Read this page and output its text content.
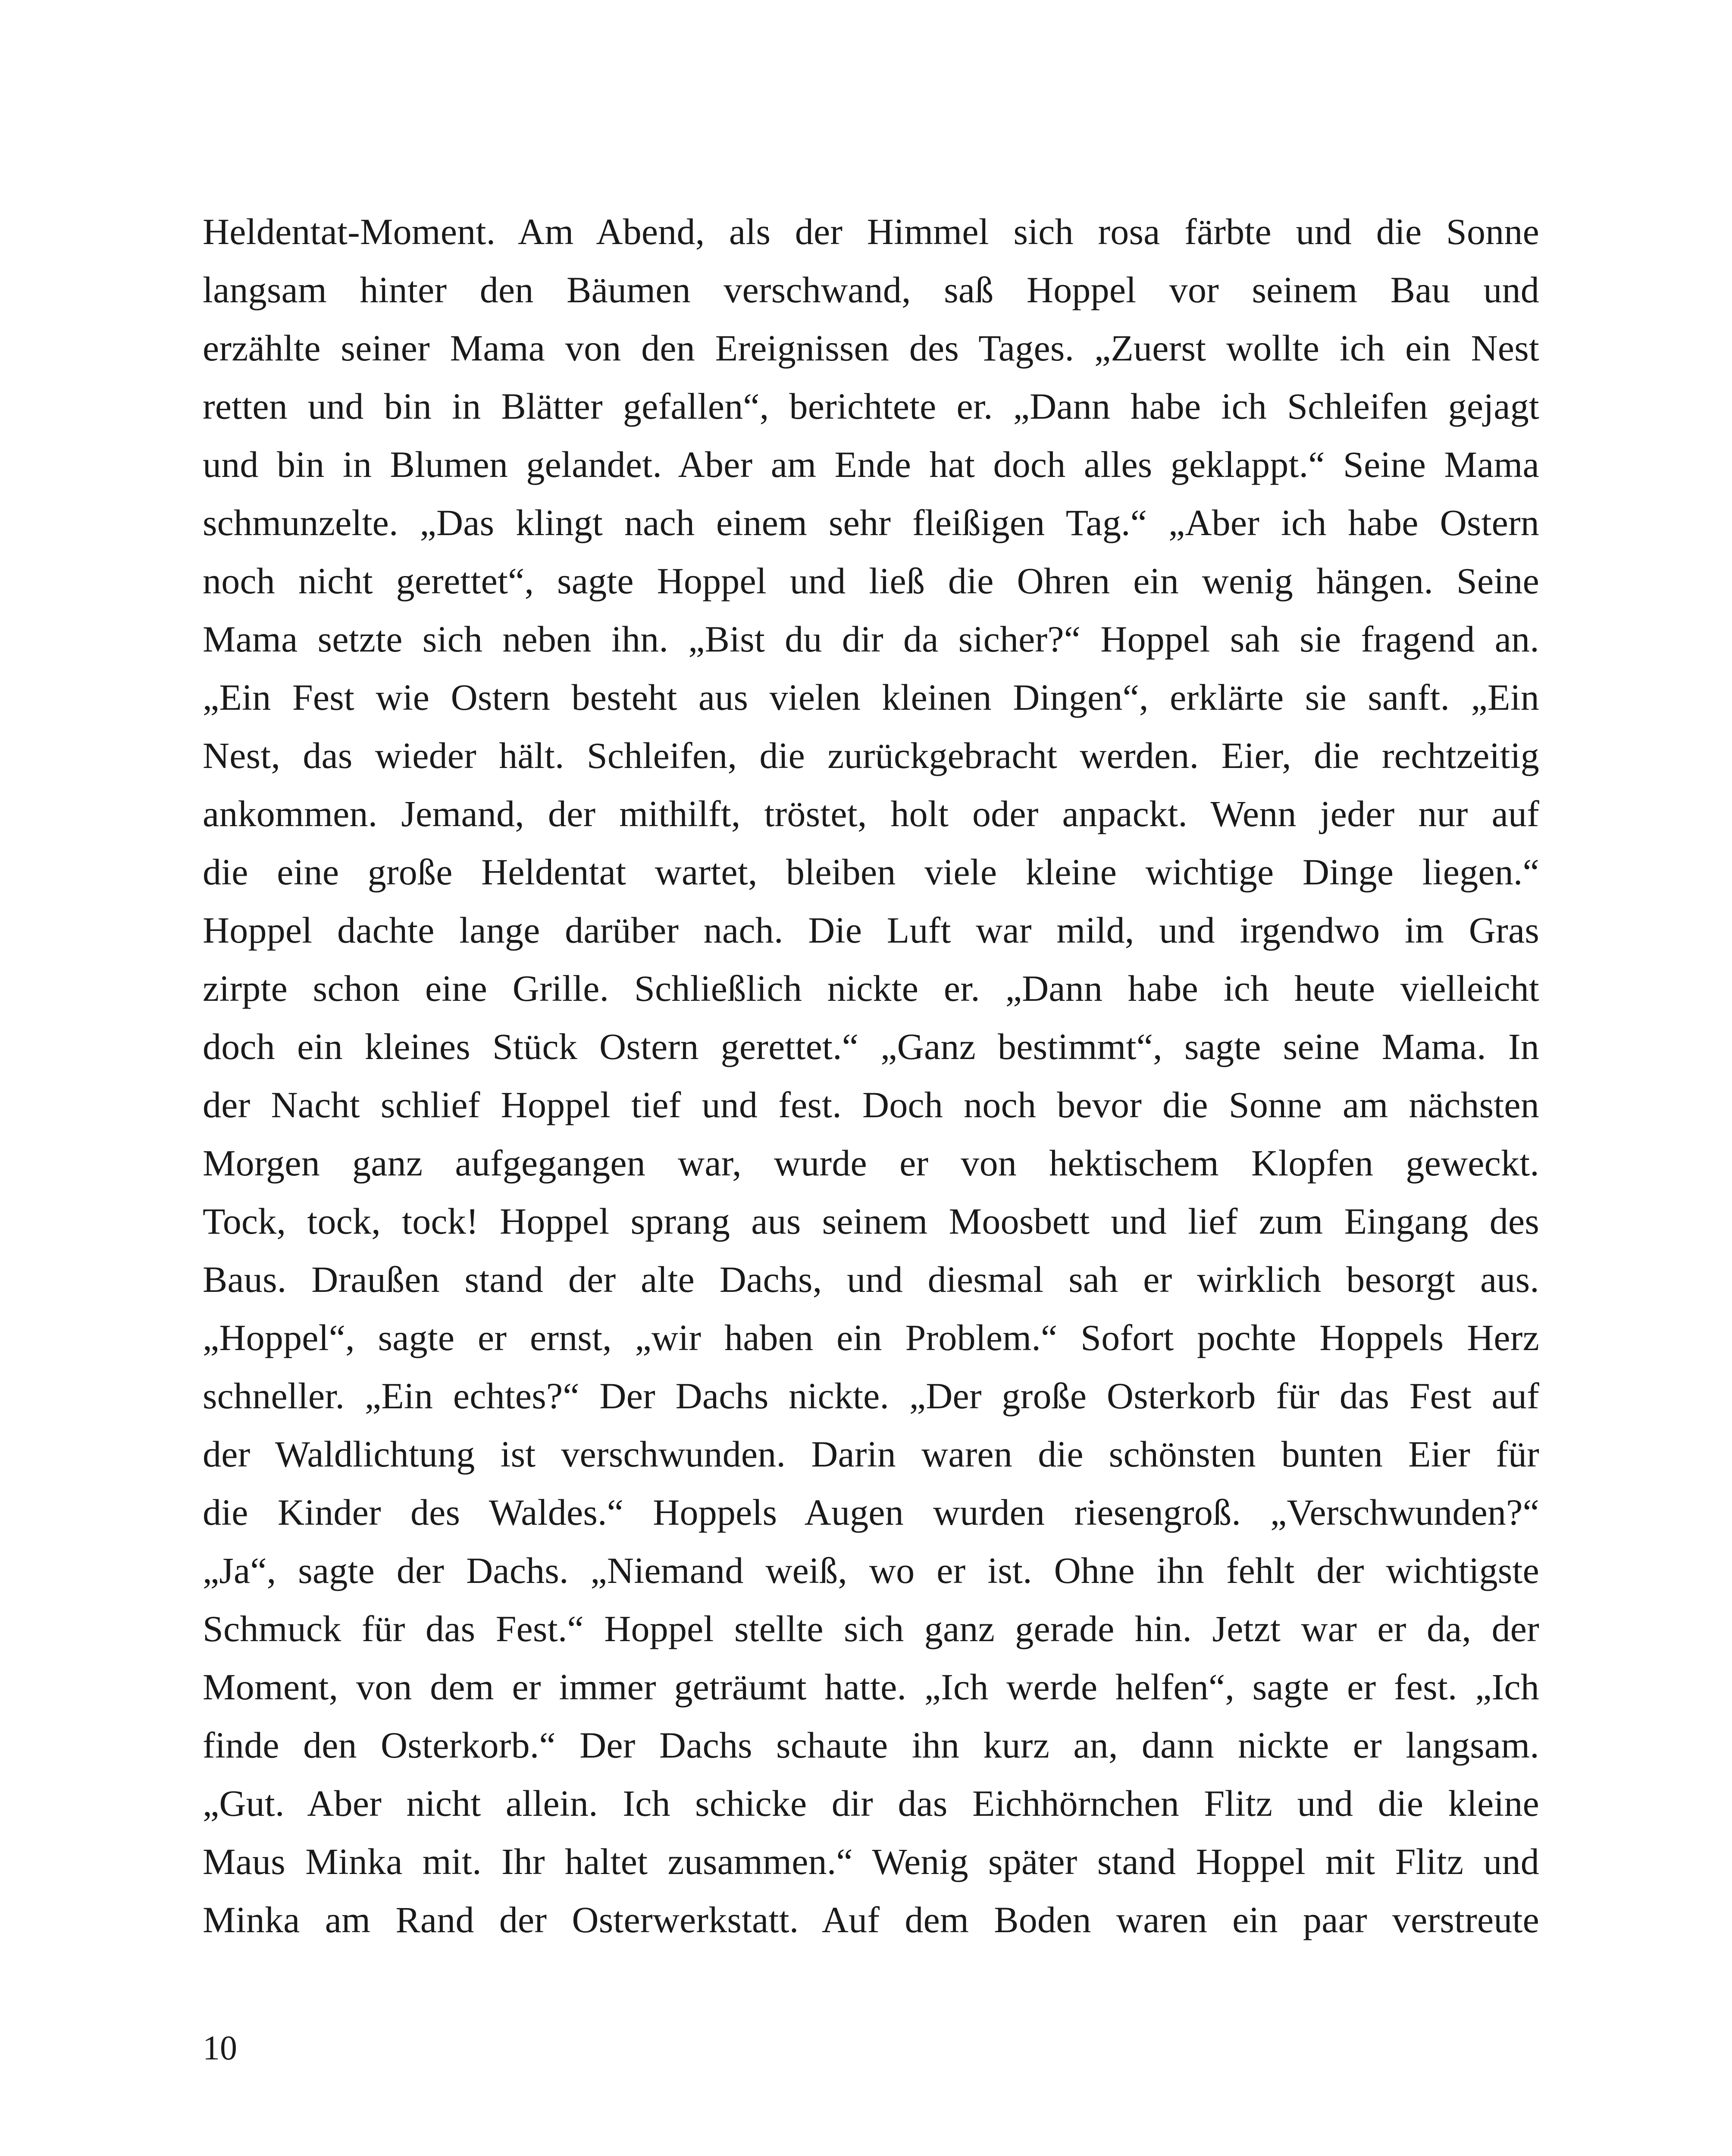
Heldentat-Moment. Am Abend, als der Himmel sich rosa färbte und die Sonne
langsam hinter den Bäumen verschwand, saß Hoppel vor seinem Bau und
erzählte seiner Mama von den Ereignissen des Tages. „Zuerst wollte ich ein Nest
retten und bin in Blätter gefallen“, berichtete er. „Dann habe ich Schleifen gejagt
und bin in Blumen gelandet. Aber am Ende hat doch alles geklappt.“ Seine Mama
schmunzelte. „Das klingt nach einem sehr fleißigen Tag.“ „Aber ich habe Ostern
noch nicht gerettet“, sagte Hoppel und ließ die Ohren ein wenig hängen. Seine
Mama setzte sich neben ihn. „Bist du dir da sicher?“ Hoppel sah sie fragend an.
„Ein Fest wie Ostern besteht aus vielen kleinen Dingen“, erklärte sie sanft. „Ein
Nest, das wieder hält. Schleifen, die zurückgebracht werden. Eier, die rechtzeitig
ankommen. Jemand, der mithilft, tröstet, holt oder anpackt. Wenn jeder nur auf
die eine große Heldentat wartet, bleiben viele kleine wichtige Dinge liegen.“
Hoppel dachte lange darüber nach. Die Luft war mild, und irgendwo im Gras
zirpte schon eine Grille. Schließlich nickte er. „Dann habe ich heute vielleicht
doch ein kleines Stück Ostern gerettet.“ „Ganz bestimmt“, sagte seine Mama. In
der Nacht schlief Hoppel tief und fest. Doch noch bevor die Sonne am nächsten
Morgen ganz aufgegangen war, wurde er von hektischem Klopfen geweckt.
Tock, tock, tock! Hoppel sprang aus seinem Moosbett und lief zum Eingang des
Baus. Draußen stand der alte Dachs, und diesmal sah er wirklich besorgt aus.
„Hoppel“, sagte er ernst, „wir haben ein Problem.“ Sofort pochte Hoppels Herz
schneller. „Ein echtes?“ Der Dachs nickte. „Der große Osterkorb für das Fest auf
der Waldlichtung ist verschwunden. Darin waren die schönsten bunten Eier für
die Kinder des Waldes.“ Hoppels Augen wurden riesengroß. „Verschwunden?“
„Ja“, sagte der Dachs. „Niemand weiß, wo er ist. Ohne ihn fehlt der wichtigste
Schmuck für das Fest.“ Hoppel stellte sich ganz gerade hin. Jetzt war er da, der
Moment, von dem er immer geträumt hatte. „Ich werde helfen“, sagte er fest. „Ich
finde den Osterkorb.“ Der Dachs schaute ihn kurz an, dann nickte er langsam.
„Gut. Aber nicht allein. Ich schicke dir das Eichhörnchen Flitz und die kleine
Maus Minka mit. Ihr haltet zusammen.“ Wenig später stand Hoppel mit Flitz und
Minka am Rand der Osterwerkstatt. Auf dem Boden waren ein paar verstreute
10
